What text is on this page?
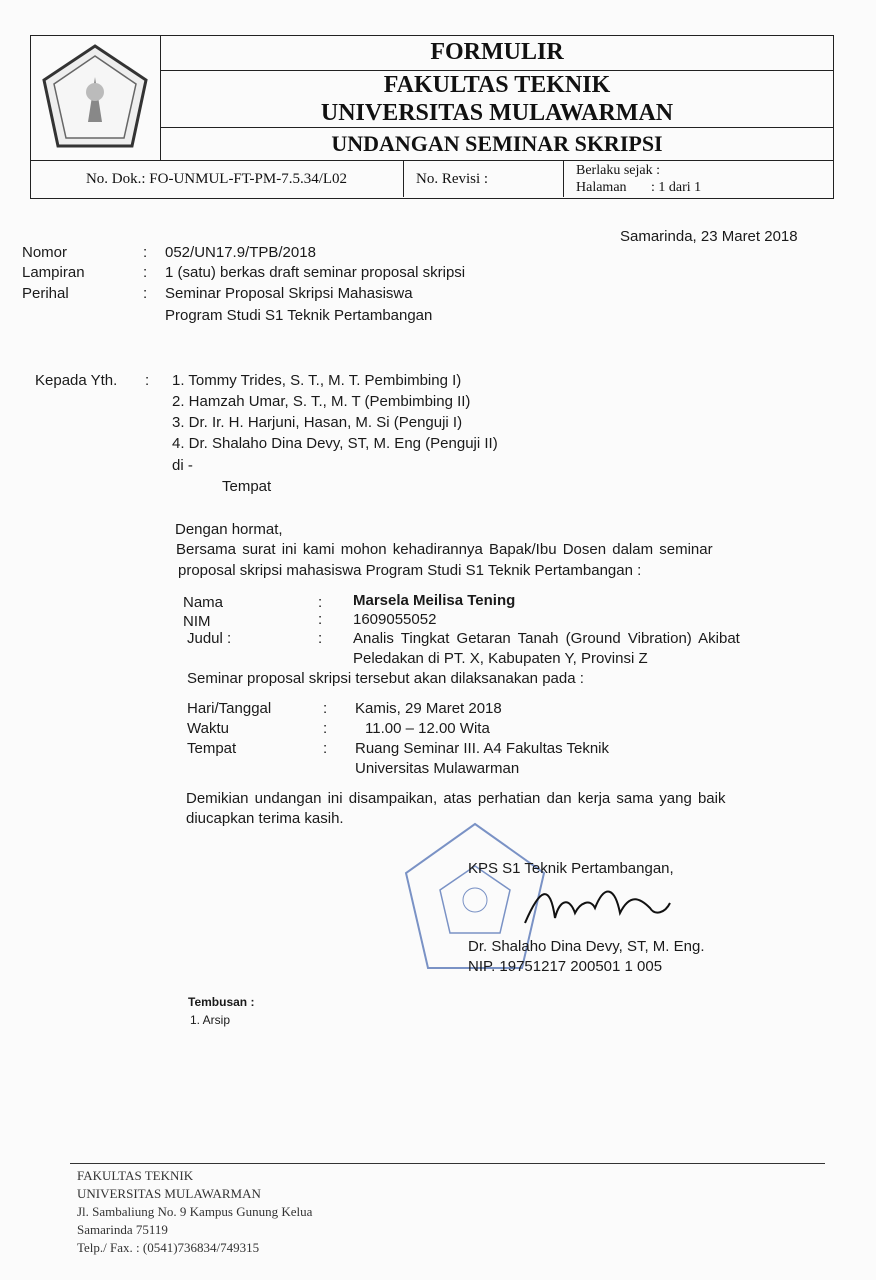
FORMULIR
FAKULTAS TEKNIK
UNIVERSITAS MULAWARMAN
UNDANGAN SEMINAR SKRIPSI
No. Dok.: FO-UNMUL-FT-PM-7.5.34/L02	No. Revisi :	Berlaku sejak :
Halaman : 1 dari 1
Samarinda, 23 Maret 2018
Nomor	: 052/UN17.9/TPB/2018
Lampiran	: 1 (satu) berkas draft seminar proposal skripsi
Perihal	: Seminar Proposal Skripsi Mahasiswa
Program Studi S1 Teknik Pertambangan
Kepada Yth. : 1. Tommy Trides, S. T., M. T. Pembimbing I)
2. Hamzah Umar, S. T., M. T (Pembimbing II)
3. Dr. Ir. H. Harjuni, Hasan, M. Si (Penguji I)
4. Dr. Shalaho Dina Devy, ST, M. Eng (Penguji II)
di -
Tempat
Dengan hormat,
Bersama surat ini kami mohon kehadirannya Bapak/Ibu Dosen dalam seminar
proposal skripsi mahasiswa Program Studi S1 Teknik Pertambangan :
Nama	: Marsela Meilisa Tening
NIM	: 1609055052
Judul :	: Analis Tingkat Getaran Tanah (Ground Vibration) Akibat
Peledakan di PT. X, Kabupaten Y, Provinsi Z
Seminar proposal skripsi tersebut akan dilaksanakan pada :
Hari/Tanggal	: Kamis, 29 Maret 2018
Waktu	:	11.00 – 12.00 Wita
Tempat	: Ruang Seminar III. A4 Fakultas Teknik
Universitas Mulawarman
Demikian undangan ini disampaikan, atas perhatian dan kerja sama yang baik
diucapkan terima kasih.
KPS S1 Teknik Pertambangan,
Dr. Shalaho Dina Devy, ST, M. Eng.
NIP. 19751217 200501 1 005
Tembusan :
1. Arsip
FAKULTAS TEKNIK
UNIVERSITAS MULAWARMAN
Jl. Sambaliung No. 9 Kampus Gunung Kelua
Samarinda 75119
Telp./ Fax. : (0541)736834/749315
